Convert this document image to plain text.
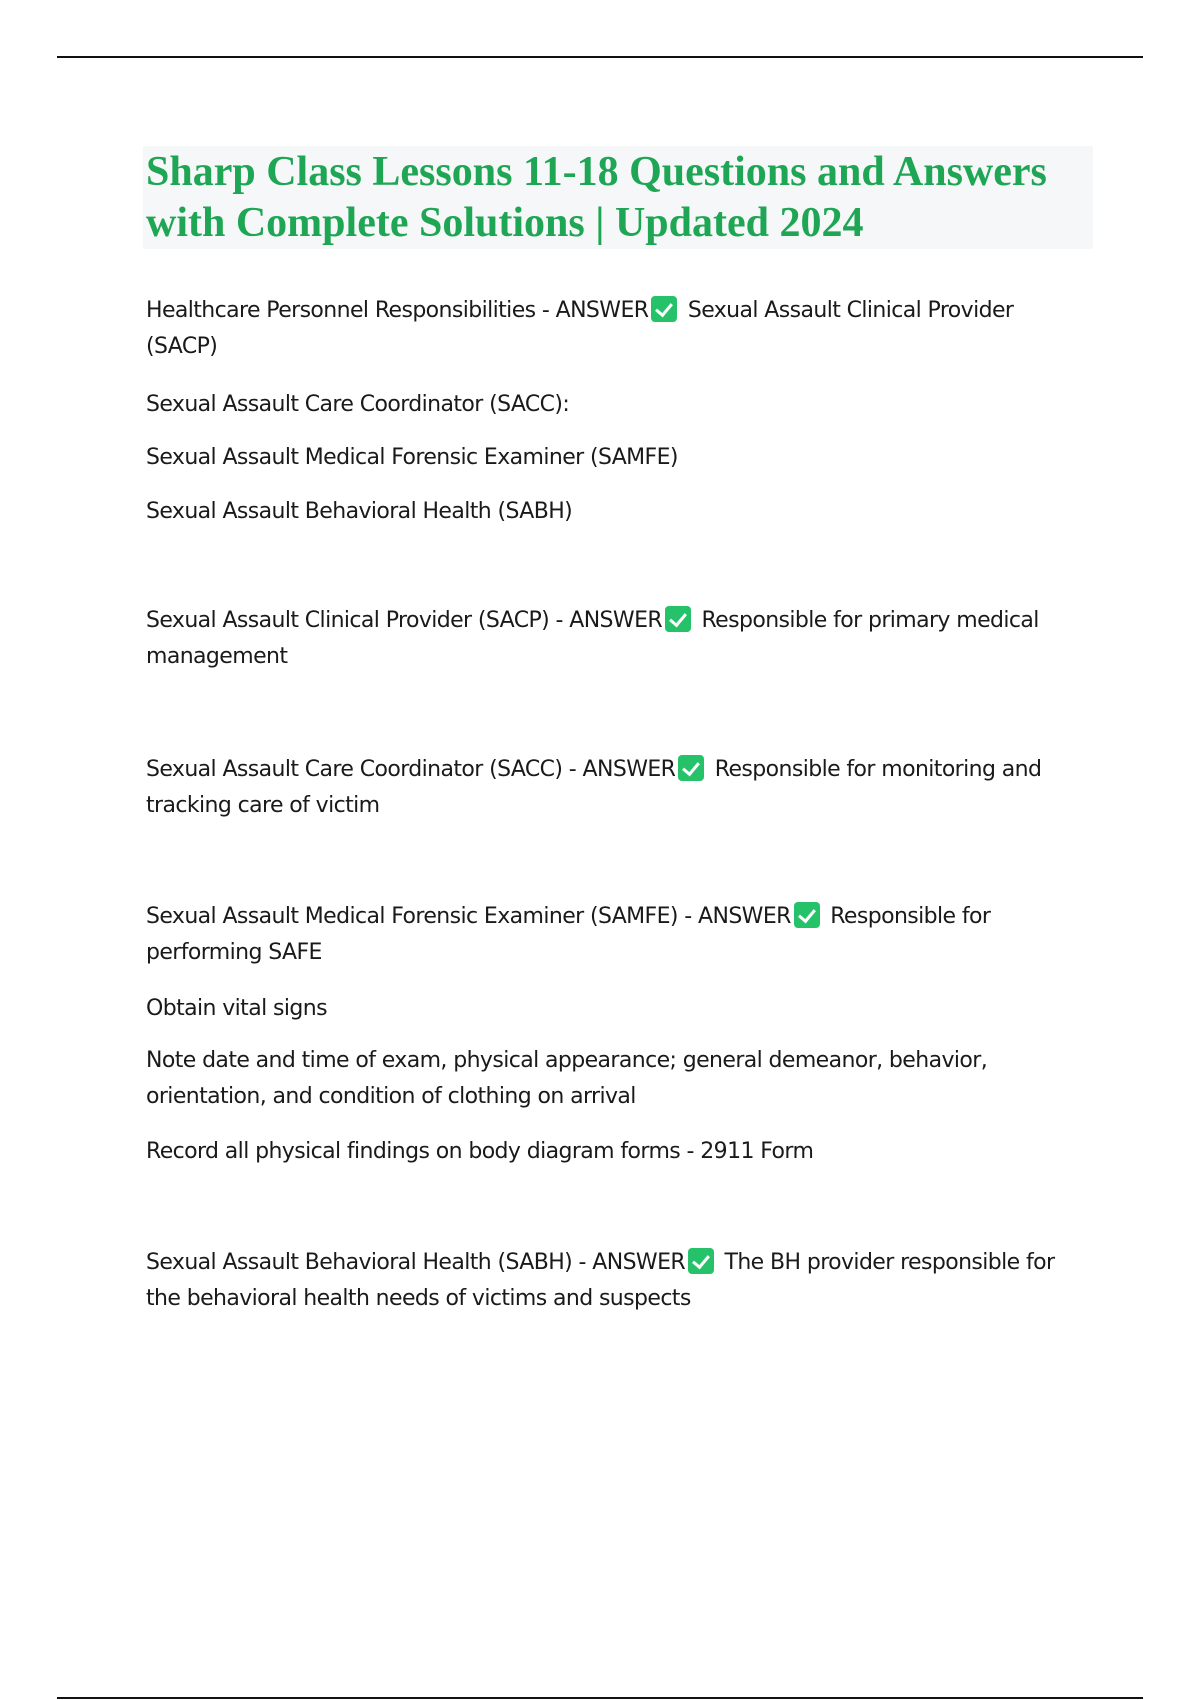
Sharp Class Lessons 11-18 Questions and Answers with Complete Solutions | Updated 2024

Healthcare Personnel Responsibilities - ANSWER Sexual Assault Clinical Provider (SACP)

Sexual Assault Care Coordinator (SACC):

Sexual Assault Medical Forensic Examiner (SAMFE)

Sexual Assault Behavioral Health (SABH)

Sexual Assault Clinical Provider (SACP) - ANSWER Responsible for primary medical management

Sexual Assault Care Coordinator (SACC) - ANSWER Responsible for monitoring and tracking care of victim

Sexual Assault Medical Forensic Examiner (SAMFE) - ANSWER Responsible for performing SAFE

Obtain vital signs

Note date and time of exam, physical appearance; general demeanor, behavior, orientation, and condition of clothing on arrival

Record all physical findings on body diagram forms - 2911 Form

Sexual Assault Behavioral Health (SABH) - ANSWER The BH provider responsible for the behavioral health needs of victims and suspects
